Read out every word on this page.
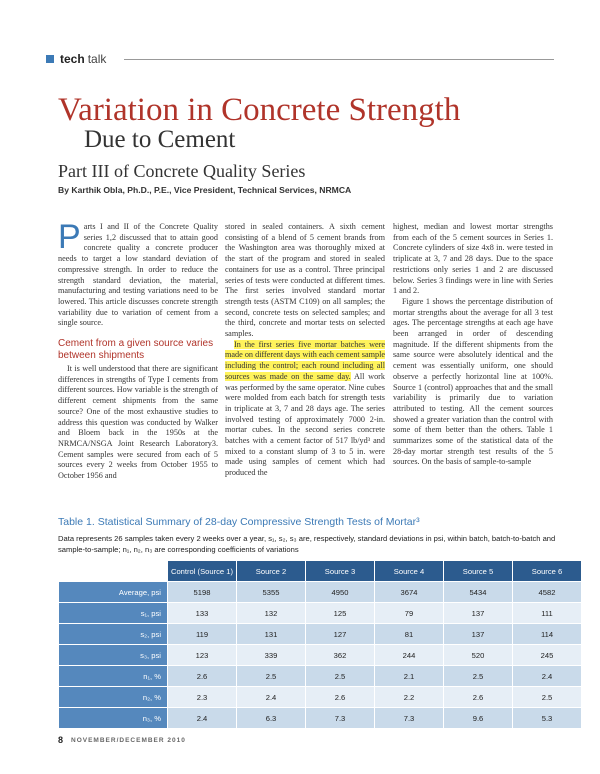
tech talk
Variation in Concrete Strength
Due to Cement
Part III of Concrete Quality Series
By Karthik Obla, Ph.D., P.E., Vice President, Technical Services, NRMCA

Parts I and II of the Concrete Quality series 1,2 discussed that to attain good concrete quality a concrete producer needs to target a low standard deviation of compressive strength. In order to reduce the strength standard deviation, the material, manufacturing and testing variations need to be lowered. This article discusses concrete strength variability due to variation of cement from a single source.

Cement from a given source varies between shipments

It is well understood that there are significant differences in strengths of Type I cements from different sources. How variable is the strength of different cement shipments from the same source? One of the most exhaustive studies to address this question was conducted by Walker and Bloem back in the 1950s at the NRMCA/NSGA Joint Research Laboratory3. Cement samples were secured from each of 5 sources every 2 weeks from October 1955 to October 1956 and

stored in sealed containers. A sixth cement consisting of a blend of 5 cement brands from the Washington area was thoroughly mixed at the start of the program and stored in sealed containers for use as a control. Three principal series of tests were conducted at different times. The first series involved standard mortar strength tests (ASTM C109) on all samples; the second, concrete tests on selected samples; and the third, concrete and mortar tests on selected samples.

In the first series five mortar batches were made on different days with each cement sample including the control; each round including all sources was made on the same day. All work was performed by the same operator. Nine cubes were molded from each batch for strength tests in triplicate at 3, 7 and 28 days age. The series involved testing of approximately 7000 2-in. mortar cubes. In the second series concrete batches with a cement factor of 517 lb/yd³ and mixed to a constant slump of 3 to 5 in. were made using samples of cement which had produced the

highest, median and lowest mortar strengths from each of the 5 cement sources in Series 1. Concrete cylinders of size 4x8 in. were tested in triplicate at 3, 7 and 28 days. Due to the space restrictions only series 1 and 2 are discussed below. Series 3 findings were in line with Series 1 and 2.

Figure 1 shows the percentage distribution of mortar strengths about the average for all 3 test ages. The percentage strengths at each age have been arranged in order of descending magnitude. If the different shipments from the same source were absolutely identical and the cement was essentially uniform, one should observe a perfectly horizontal line at 100%. Source 1 (control) approaches that and the small variability is primarily due to variation attributed to testing. All the cement sources showed a greater variation than the control with some of them better than the others. Table 1 summarizes some of the statistical data of the 28-day mortar strength test results of the 5 sources. On the basis of sample-to-sample

Table 1. Statistical Summary of 28-day Compressive Strength Tests of Mortar³
Data represents 26 samples taken every 2 weeks over a year, s₁, s₂, s₃ are, respectively, standard deviations in psi, within batch, batch-to-batch and sample-to-sample; n₁, n₂, n₃ are corresponding coefficients of variations
	Control (Source 1)	Source 2	Source 3	Source 4	Source 5	Source 6
Average, psi	5198	5355	4950	3674	5434	4582
s₁, psi	133	132	125	79	137	111
s₂, psi	119	131	127	81	137	114
s₃, psi	123	339	362	244	520	245
n₁, %	2.6	2.5	2.5	2.1	2.5	2.4
n₂, %	2.3	2.4	2.6	2.2	2.6	2.5
n₃, %	2.4	6.3	7.3	7.3	9.6	5.3
8 NOVEMBER/DECEMBER 2010
